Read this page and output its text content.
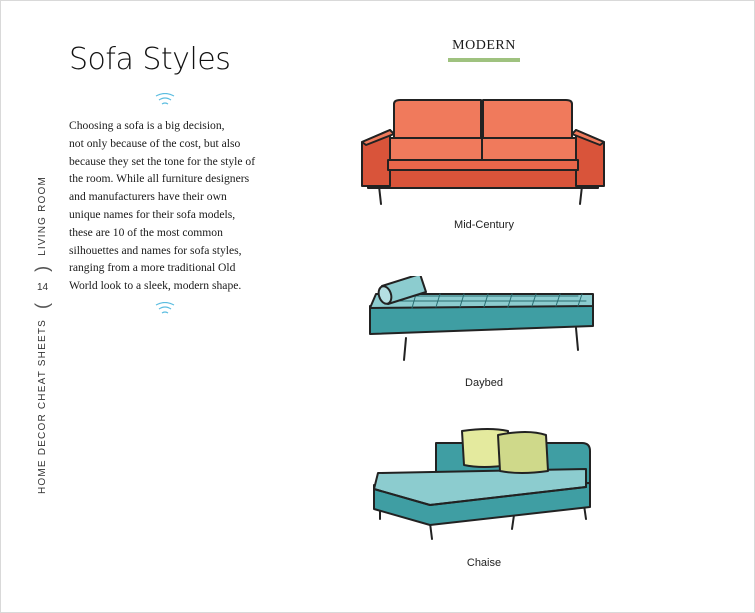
HOME DECOR CHEAT SHEETS
(
14
)
LIVING ROOM
Sofa Styles
Choosing a sofa is a big decision,
not only because of the cost, but also
because they set the tone for the style of
the room. While all furniture designers
and manufacturers have their own
unique names for their sofa models,
these are 10 of the most common
silhouettes and names for sofa styles,
ranging from a more traditional Old
World look to a sleek, modern shape.
MODERN
Mid-Century
Daybed
Chaise
